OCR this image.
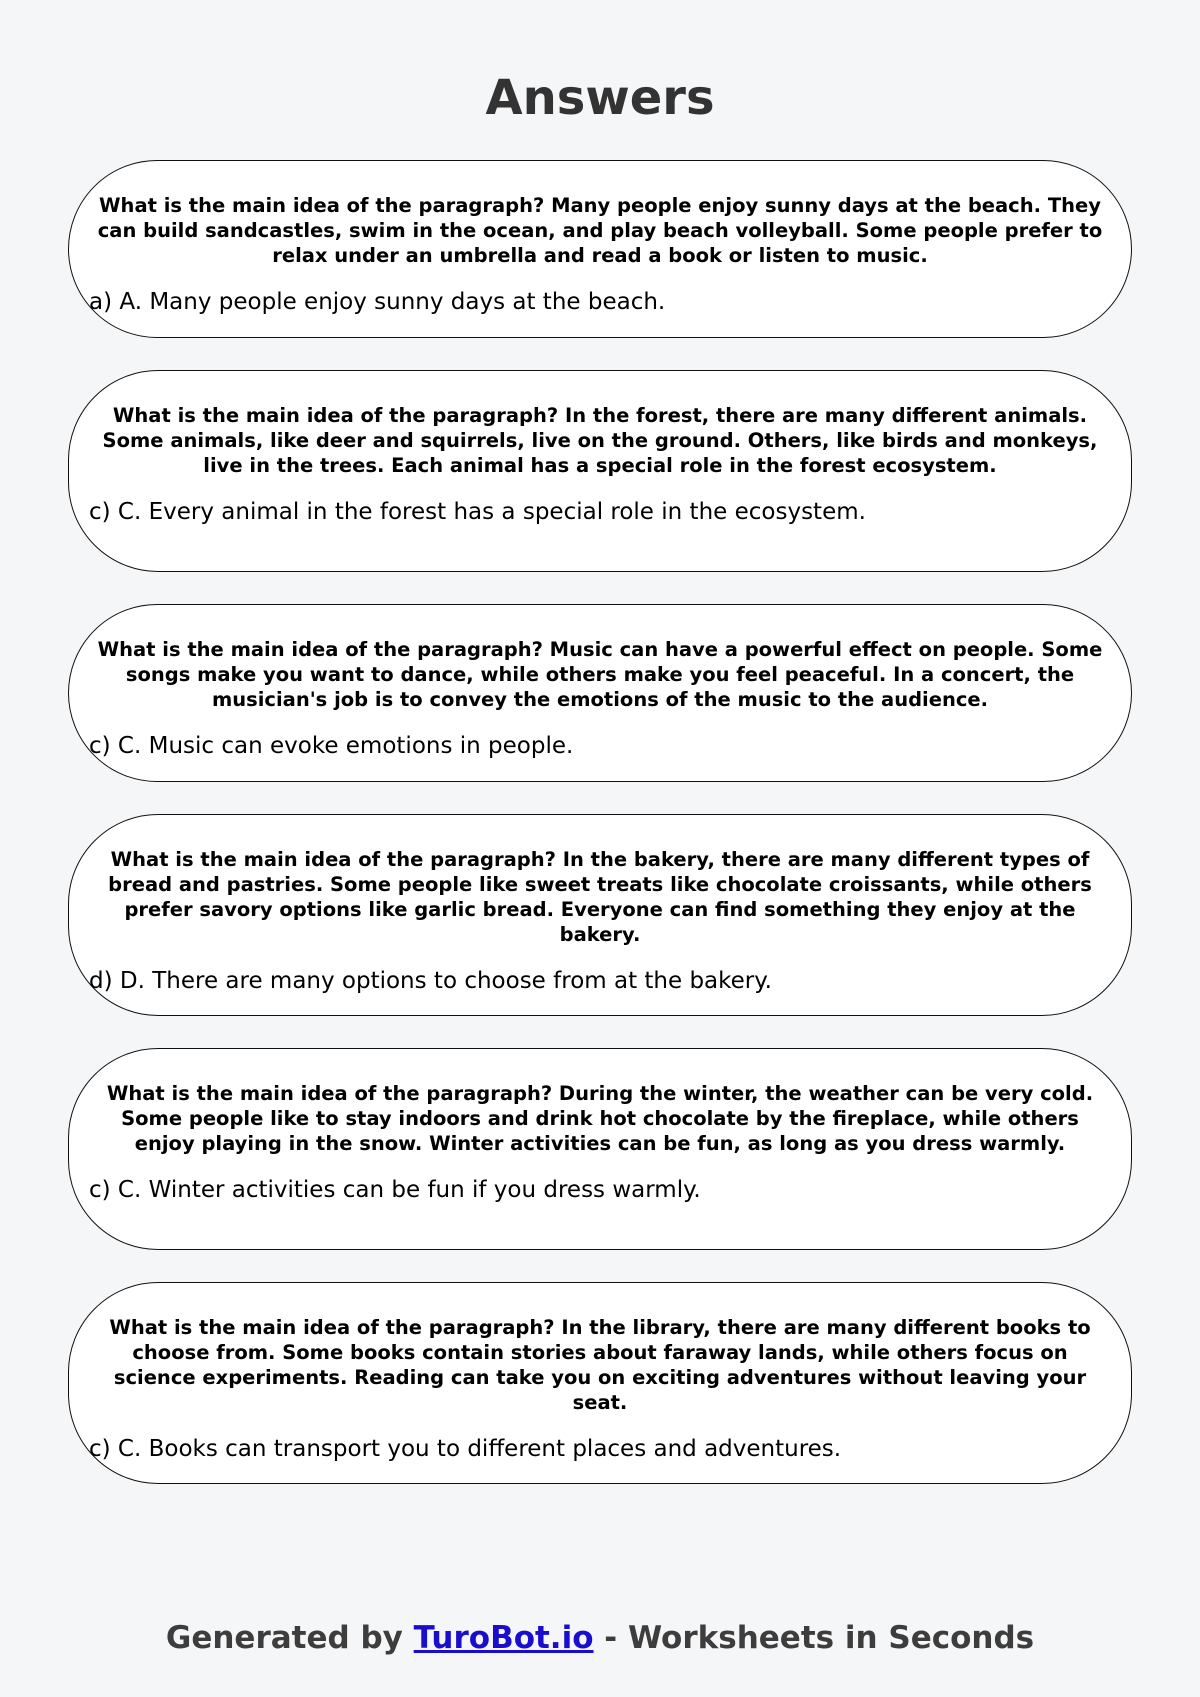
Answers

What is the main idea of the paragraph? Many people enjoy sunny days at the beach. They can build sandcastles, swim in the ocean, and play beach volleyball. Some people prefer to relax under an umbrella and read a book or listen to music.

a) A. Many people enjoy sunny days at the beach.

What is the main idea of the paragraph? In the forest, there are many different animals. Some animals, like deer and squirrels, live on the ground. Others, like birds and monkeys, live in the trees. Each animal has a special role in the forest ecosystem.

c) C. Every animal in the forest has a special role in the ecosystem.

What is the main idea of the paragraph? Music can have a powerful effect on people. Some songs make you want to dance, while others make you feel peaceful. In a concert, the musician's job is to convey the emotions of the music to the audience.

c) C. Music can evoke emotions in people.

What is the main idea of the paragraph? In the bakery, there are many different types of bread and pastries. Some people like sweet treats like chocolate croissants, while others prefer savory options like garlic bread. Everyone can find something they enjoy at the bakery.

d) D. There are many options to choose from at the bakery.

What is the main idea of the paragraph? During the winter, the weather can be very cold. Some people like to stay indoors and drink hot chocolate by the fireplace, while others enjoy playing in the snow. Winter activities can be fun, as long as you dress warmly.

c) C. Winter activities can be fun if you dress warmly.

What is the main idea of the paragraph? In the library, there are many different books to choose from. Some books contain stories about faraway lands, while others focus on science experiments. Reading can take you on exciting adventures without leaving your seat.

c) C. Books can transport you to different places and adventures.

Generated by TuroBot.io - Worksheets in Seconds
